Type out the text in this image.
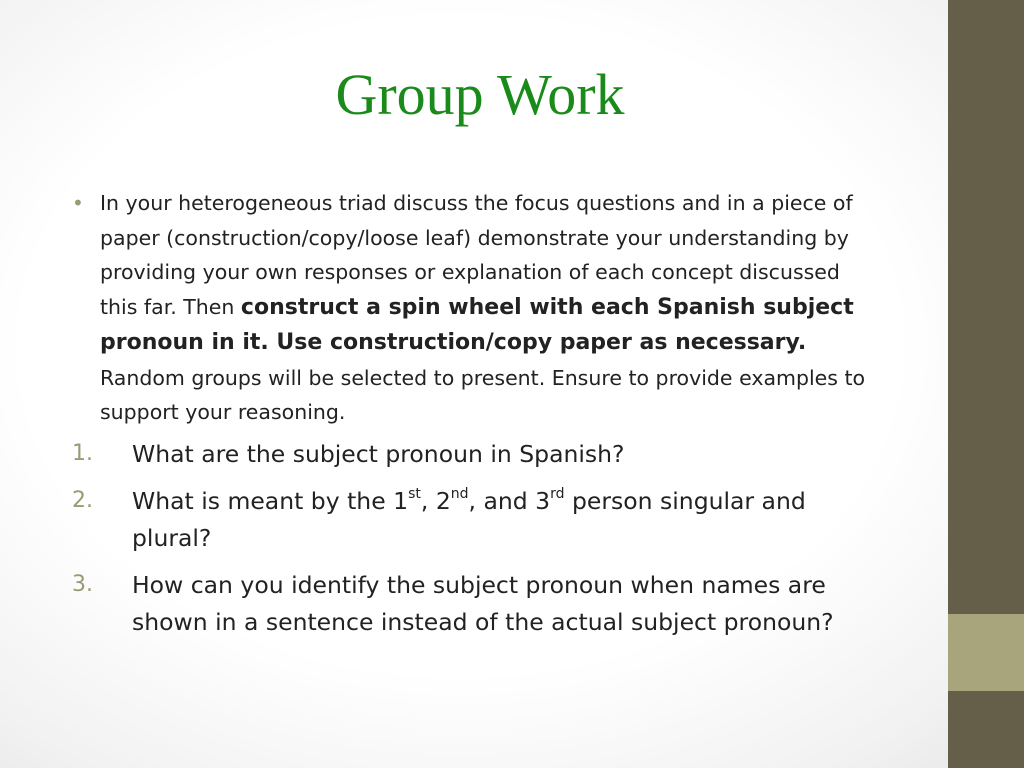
Group Work
• In your heterogeneous triad discuss the focus questions and in a piece of paper (construction/copy/loose leaf) demonstrate your understanding by providing your own responses or explanation of each concept discussed this far. Then construct a spin wheel with each Spanish subject pronoun in it. Use construction/copy paper as necessary. Random groups will be selected to present. Ensure to provide examples to support your reasoning.
1.	What are the subject pronoun in Spanish?
2.	What is meant by the 1st, 2nd, and 3rd person singular and plural?
3.	How can you identify the subject pronoun when names are shown in a sentence instead of the actual subject pronoun?
